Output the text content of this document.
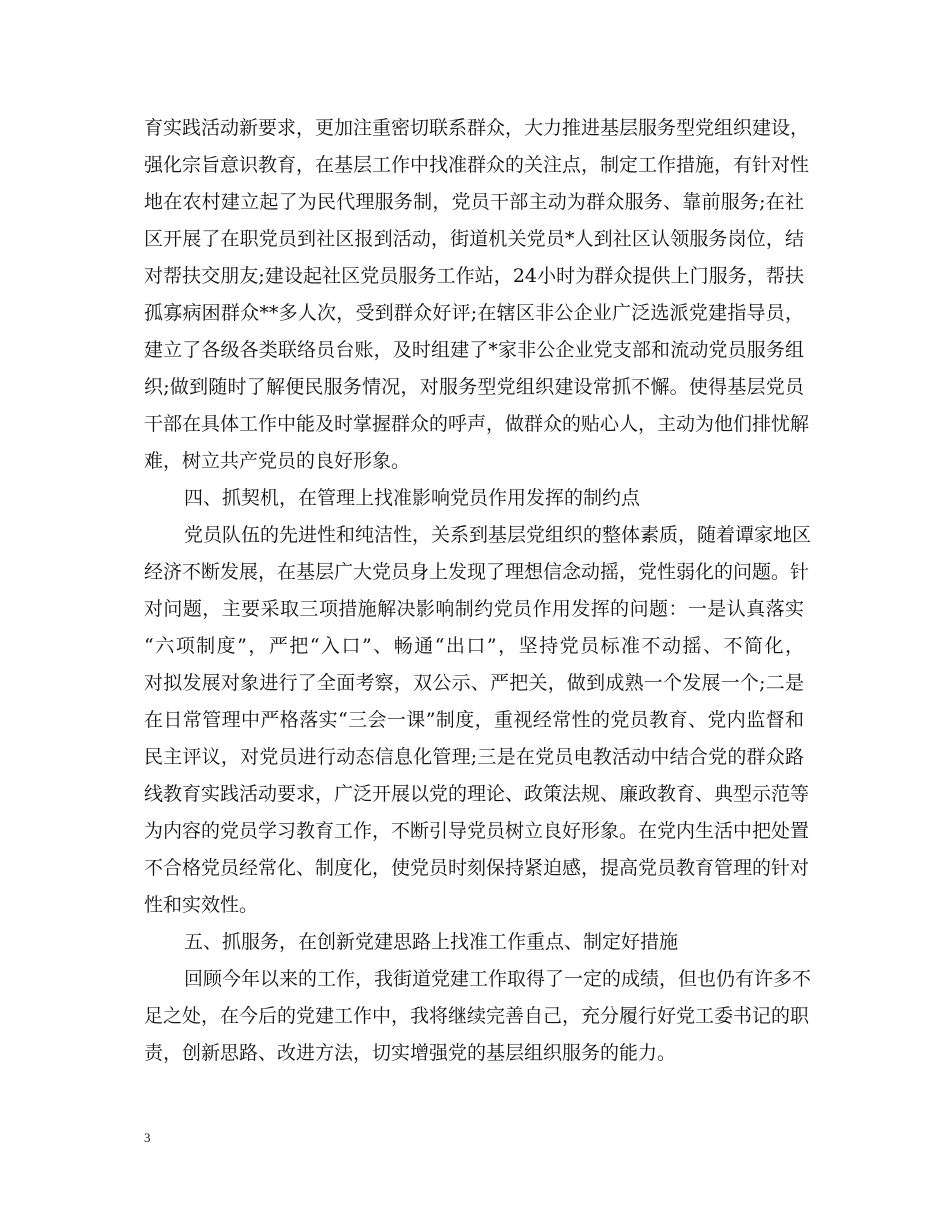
育实践活动新要求，更加注重密切联系群众，大力推进基层服务型党组织建设，
强化宗旨意识教育，在基层工作中找准群众的关注点，制定工作措施，有针对性
地在农村建立起了为民代理服务制，党员干部主动为群众服务、靠前服务;在社
区开展了在职党员到社区报到活动，街道机关党员*人到社区认领服务岗位，结
对帮扶交朋友;建设起社区党员服务工作站，24小时为群众提供上门服务，帮扶
孤寡病困群众**多人次，受到群众好评;在辖区非公企业广泛选派党建指导员，
建立了各级各类联络员台账，及时组建了*家非公企业党支部和流动党员服务组
织;做到随时了解便民服务情况，对服务型党组织建设常抓不懈。使得基层党员
干部在具体工作中能及时掌握群众的呼声，做群众的贴心人，主动为他们排忧解
难，树立共产党员的良好形象。
四、抓契机，在管理上找准影响党员作用发挥的制约点
党员队伍的先进性和纯洁性，关系到基层党组织的整体素质，随着谭家地区
经济不断发展，在基层广大党员身上发现了理想信念动摇，党性弱化的问题。针
对问题，主要采取三项措施解决影响制约党员作用发挥的问题：一是认真落实
“六项制度”，严把“入口”、畅通“出口”，坚持党员标准不动摇、不简化，
对拟发展对象进行了全面考察，双公示、严把关，做到成熟一个发展一个;二是
在日常管理中严格落实“三会一课”制度，重视经常性的党员教育、党内监督和
民主评议，对党员进行动态信息化管理;三是在党员电教活动中结合党的群众路
线教育实践活动要求，广泛开展以党的理论、政策法规、廉政教育、典型示范等
为内容的党员学习教育工作，不断引导党员树立良好形象。在党内生活中把处置
不合格党员经常化、制度化，使党员时刻保持紧迫感，提高党员教育管理的针对
性和实效性。
五、抓服务，在创新党建思路上找准工作重点、制定好措施
回顾今年以来的工作，我街道党建工作取得了一定的成绩，但也仍有许多不
足之处，在今后的党建工作中，我将继续完善自己，充分履行好党工委书记的职
责，创新思路、改进方法，切实增强党的基层组织服务的能力。
3
